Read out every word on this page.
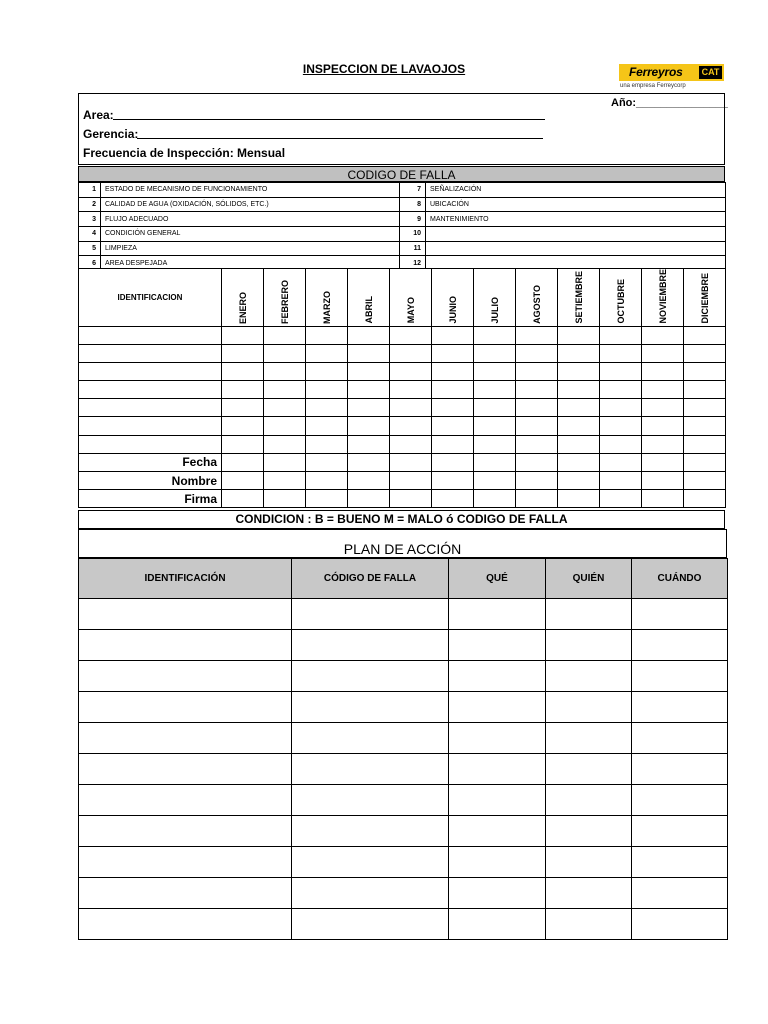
INSPECCION DE LAVAOJOS	Ferreyros CAT
una empresa Ferreycorp
Año:_______________
Area:
Gerencia:
Frecuencia de Inspección: Mensual
CODIGO DE FALLA
1	ESTADO DE MECANISMO DE FUNCIONAMIENTO	7	SEÑALIZACIÓN
2	CALIDAD DE AGUA (OXIDACIÓN, SÓLIDOS, ETC.)	8	UBICACIÓN
3	FLUJO ADECUADO	9	MANTENIMIENTO
4	CONDICIÓN GENERAL	10	
5	LIMPIEZA	11	
6	AREA DESPEJADA	12	
IDENTIFICACION	ENERO	FEBRERO	MARZO	ABRIL	MAYO	JUNIO	JULIO	AGOSTO	SETIEMBRE	OCTUBRE	NOVIEMBRE	DICIEMBRE

Fecha												
Nombre												
Firma												
CONDICION : B = BUENO M = MALO ó CODIGO DE FALLA
PLAN DE ACCIÓN
IDENTIFICACIÓN	CÓDIGO DE FALLA	QUÉ	QUIÉN	CUÁNDO
